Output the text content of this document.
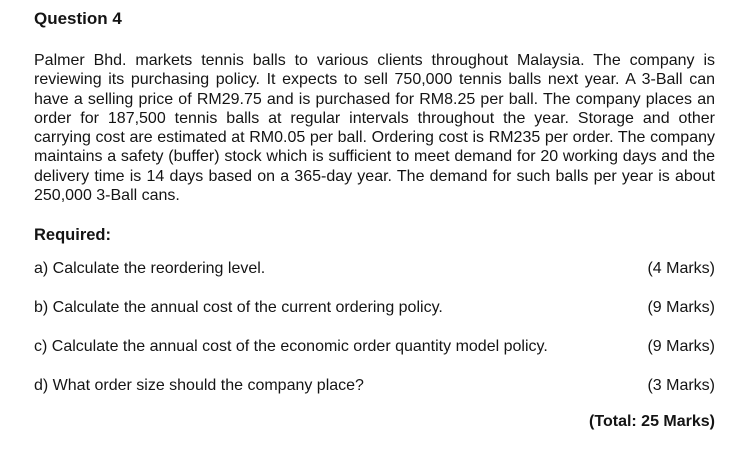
Question 4

Palmer Bhd. markets tennis balls to various clients throughout Malaysia. The company is reviewing its purchasing policy. It expects to sell 750,000 tennis balls next year. A 3-Ball can have a selling price of RM29.75 and is purchased for RM8.25 per ball. The company places an order for 187,500 tennis balls at regular intervals throughout the year. Storage and other carrying cost are estimated at RM0.05 per ball. Ordering cost is RM235 per order. The company maintains a safety (buffer) stock which is sufficient to meet demand for 20 working days and the delivery time is 14 days based on a 365-day year. The demand for such balls per year is about 250,000 3-Ball cans.

Required:
a) Calculate the reordering level.	(4 Marks)
b) Calculate the annual cost of the current ordering policy.	(9 Marks)
c) Calculate the annual cost of the economic order quantity model policy.	(9 Marks)
d) What order size should the company place?	(3 Marks)
(Total: 25 Marks)
